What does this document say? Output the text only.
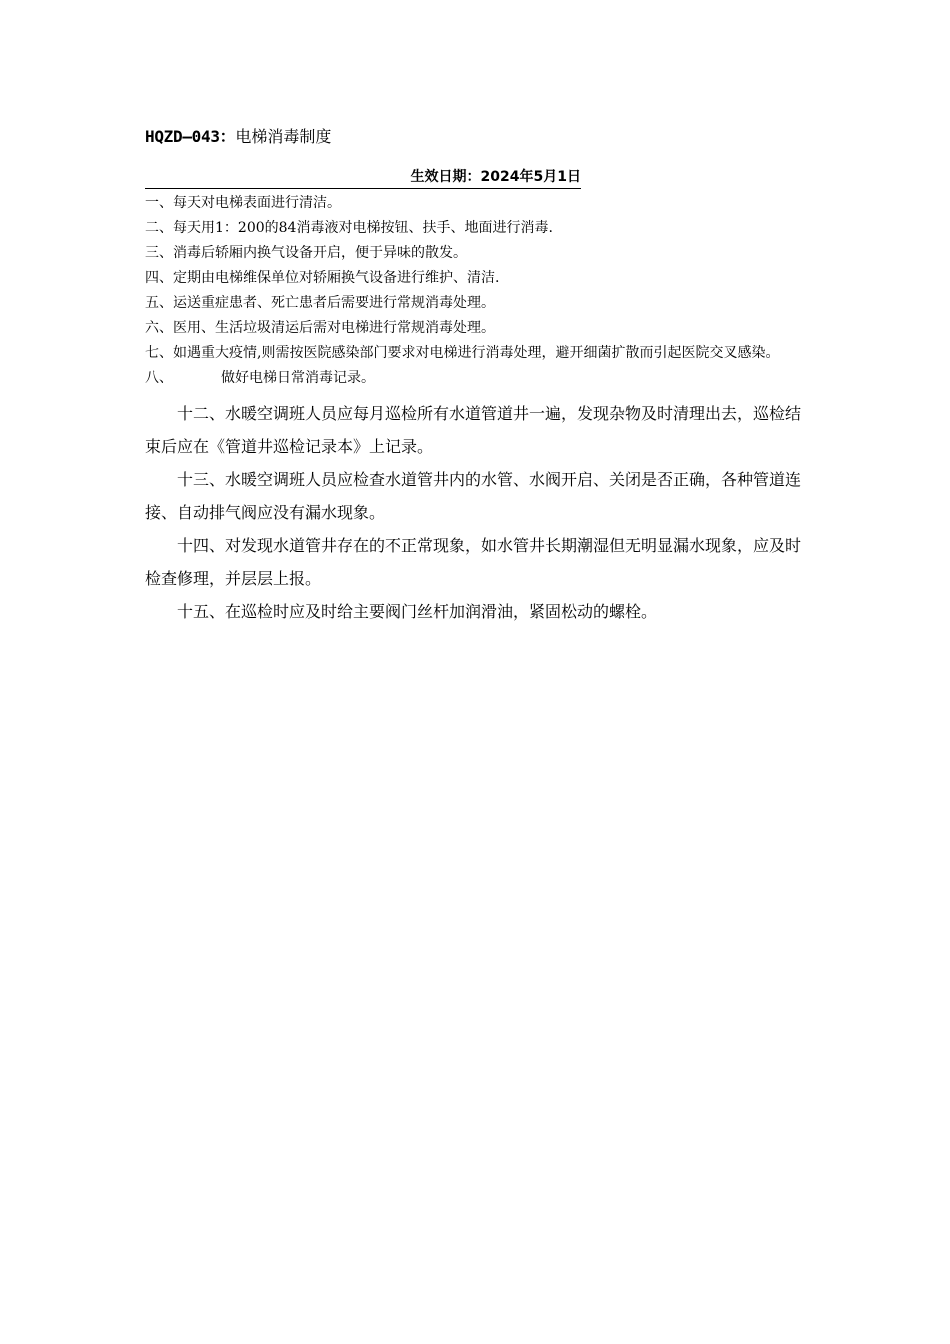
HQZD—043：电梯消毒制度
生效日期：2024年5月1日

一、每天对电梯表面进行清洁。

二、每天用1：200的84消毒液对电梯按钮、扶手、地面进行消毒.

三、消毒后轿厢内换气设备开启，便于异味的散发。

四、定期由电梯维保单位对轿厢换气设备进行维护、清洁.

五、运送重症患者、死亡患者后需要进行常规消毒处理。

六、医用、生活垃圾清运后需对电梯进行常规消毒处理。

七、如遇重大疫情,则需按医院感染部门要求对电梯进行消毒处理，避开细菌扩散而引起医院交叉感染。

八、	做好电梯日常消毒记录。

十二、水暖空调班人员应每月巡检所有水道管道井一遍，发现杂物及时清理出去，巡检结束后应在《管道井巡检记录本》上记录。

十三、水暖空调班人员应检查水道管井内的水管、水阀开启、关闭是否正确，各种管道连接、自动排气阀应没有漏水现象。

十四、对发现水道管井存在的不正常现象，如水管井长期潮湿但无明显漏水现象，应及时检查修理，并层层上报。

十五、在巡检时应及时给主要阀门丝杆加润滑油，紧固松动的螺栓。
